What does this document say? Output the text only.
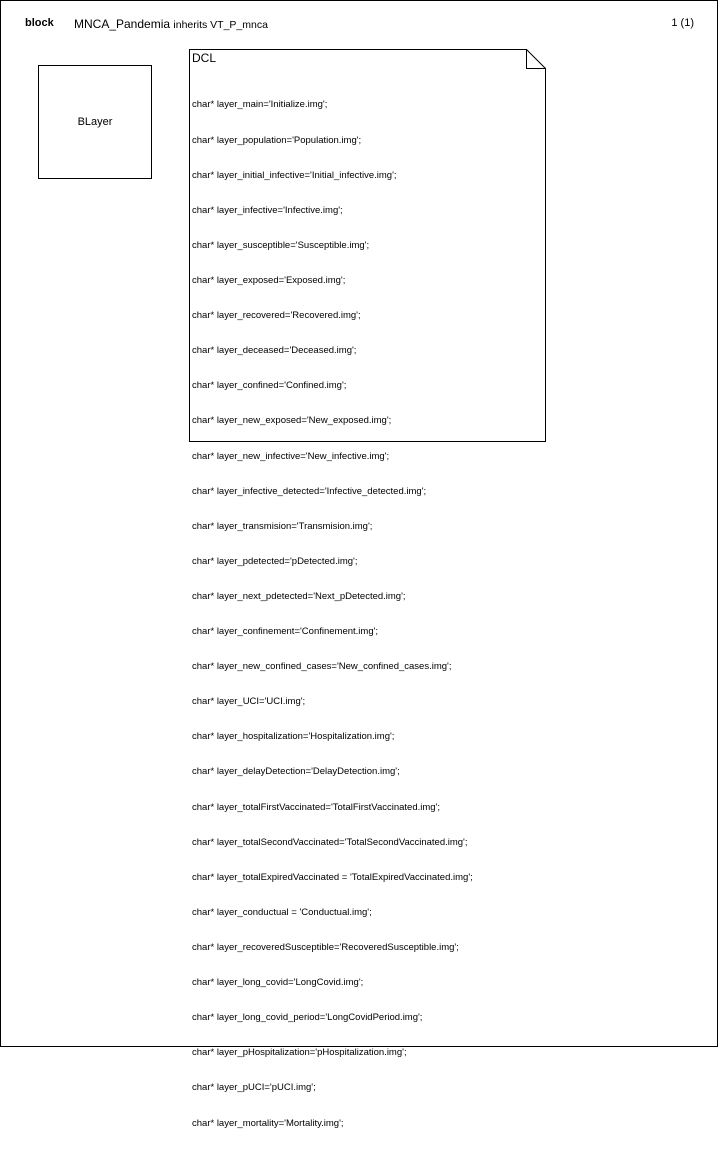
block MNCA_Pandemia inherits VT_P_mnca	1 (1)
BLayer
DCL

char* layer_main='Initialize.img';

char* layer_population='Population.img';

char* layer_initial_infective='Initial_infective.img';

char* layer_infective='Infective.img';

char* layer_susceptible='Susceptible.img';

char* layer_exposed='Exposed.img';

char* layer_recovered='Recovered.img';

char* layer_deceased='Deceased.img';

char* layer_confined='Confined.img';

char* layer_new_exposed='New_exposed.img';

char* layer_new_infective='New_infective.img';

char* layer_infective_detected='Infective_detected.img';

char* layer_transmision='Transmision.img';

char* layer_pdetected='pDetected.img';

char* layer_next_pdetected='Next_pDetected.img';

char* layer_confinement='Confinement.img';

char* layer_new_confined_cases='New_confined_cases.img';

char* layer_UCI='UCI.img';

char* layer_hospitalization='Hospitalization.img';

char* layer_delayDetection='DelayDetection.img';

char* layer_totalFirstVaccinated='TotalFirstVaccinated.img';

char* layer_totalSecondVaccinated='TotalSecondVaccinated.img';

char* layer_totalExpiredVaccinated = 'TotalExpiredVaccinated.img';

char* layer_conductual = 'Conductual.img';

char* layer_recoveredSusceptible='RecoveredSusceptible.img';

char* layer_long_covid='LongCovid.img';

char* layer_long_covid_period='LongCovidPeriod.img';

char* layer_pHospitalization='pHospitalization.img';

char* layer_pUCI='pUCI.img';

char* layer_mortality='Mortality.img';
